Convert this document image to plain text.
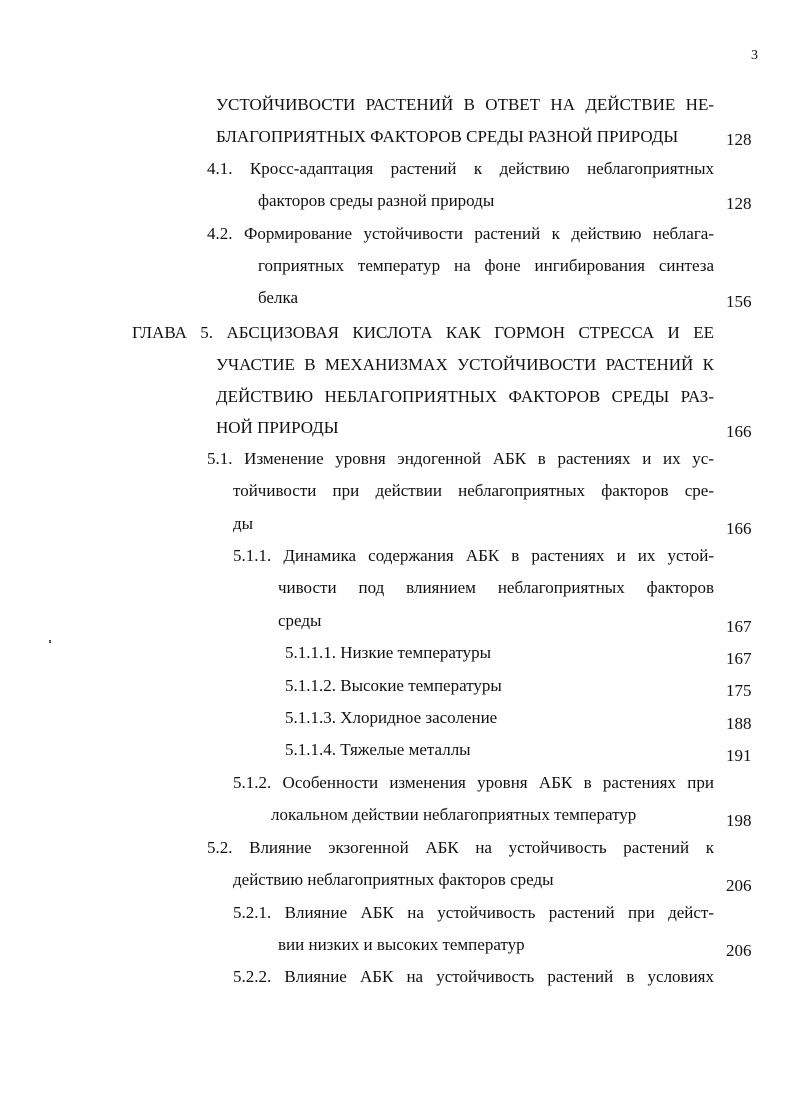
3
УСТОЙЧИВОСТИ РАСТЕНИЙ В ОТВЕТ НА ДЕЙСТВИЕ НЕ-
БЛАГОПРИЯТНЫХ ФАКТОРОВ СРЕДЫ РАЗНОЙ ПРИРОДЫ	128
4.1. Кросс-адаптация растений к действию неблагоприятных
факторов среды разной природы	128
4.2. Формирование устойчивости растений к действию неблага-
гоприятных температур на фоне ингибирования синтеза
белка	156
ГЛАВА 5. АБСЦИЗОВАЯ КИСЛОТА КАК ГОРМОН СТРЕССА И ЕЕ
УЧАСТИЕ В МЕХАНИЗМАХ УСТОЙЧИВОСТИ РАСТЕНИЙ К
ДЕЙСТВИЮ НЕБЛАГОПРИЯТНЫХ ФАКТОРОВ СРЕДЫ РАЗ-
НОЙ ПРИРОДЫ	166
5.1. Изменение уровня эндогенной АБК в растениях и их ус-
тойчивости при действии неблагоприятных факторов сре-
ды	166
5.1.1. Динамика содержания АБК в растениях и их устой-
чивости под влиянием неблагоприятных факторов
среды	167
5.1.1.1. Низкие температуры	167
5.1.1.2. Высокие температуры	175
5.1.1.3. Хлоридное засоление	188
5.1.1.4. Тяжелые металлы	191
5.1.2. Особенности изменения уровня АБК в растениях при
локальном действии неблагоприятных температур	198
5.2. Влияние экзогенной АБК на устойчивость растений к
действию неблагоприятных факторов среды	206
5.2.1. Влияние АБК на устойчивость растений при дейст-
вии низких и высоких температур	206
5.2.2. Влияние АБК на устойчивость растений в условиях
